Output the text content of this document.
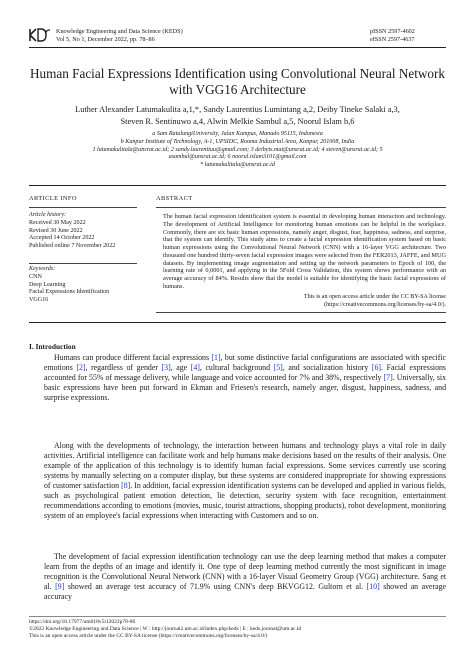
Knowledge Engineering and Data Science (KEDS)
Vol 5, No 1, December 2022, pp. 78–86
pISSN 2597-4602
eISSN 2597-4637
Human Facial Expressions Identification using Convolutional Neural Network with VGG16 Architecture
Luther Alexander Latumakulita a,1,*, Sandy Laurentius Lumintang a,2, Deiby Tineke Salaki a,3,
Steven R. Sentinuwo a,4, Alwin Melkie Sambul a,5, Noorul Islam b,6
a Sam RatulangiUniversity, Jalan Kampus, Manado 95115, Indonesia
b Kanpur Institute of Technology, A-1, UPSIDC, Rooma Industrial Area, Kanpur, 201008, India
1 latumakulitala@unsrat.ac.id; 2 sandy.laurentiuu@gmail.com; 3 deibyts.mat@unsrat.ac.id; 4 steven@unsrat.ac.id; 5
asambul@unsrat.ac.id; 6 noorul.islam3101@gmail.com
* latumakulitala@unsrat.ac.id
ARTICLE INFO
Article history:
Received 30 May 2022
Revised 30 June 2022
Accepted 14 October 2022
Published online 7 November 2022
Keywords:
CNN
Deep Learning
Facial Expressions Identification
VGG16
ABSTRACT
The human facial expression identification system is essential in developing human interaction and technology. The development of Artificial Intelligence for monitoring human emotions can be helpful in the workplace. Commonly, there are six basic human expressions, namely anger, disgust, fear, happiness, sadness, and surprise, that the system can identify. This study aims to create a facial expression identification system based on basic human expressions using the Convolutional Neural Network (CNN) with a 16-layer VGG architecture. Two thousand one hundred thirty-seven facial expression images were selected from the FER2013, JAFFE, and MUG datasets. By implementing image augmentation and setting up the network parameters to Epoch of 100, the learning rate of 0,0001, and applying in the 5Fold Cross Validation, this system shows performance with an average accuracy of 84%. Results show that the model is suitable for identifying the basic facial expressions of humans.
This is an open access article under the CC BY-SA license
(https://creativecommons.org/licenses/by-sa/4.0/).
I. Introduction
Humans can produce different facial expressions [1], but some distinctive facial configurations are associated with specific emotions [2], regardless of gender [3], age [4], cultural background [5], and socialization history [6]. Facial expressions accounted for 55% of message delivery, while language and voice accounted for 7% and 38%, respectively [7]. Universally, six basic expressions have been put forward in Ekman and Friesen's research, namely anger, disgust, happiness, sadness, and surprise expressions.
Along with the developments of technology, the interaction between humans and technology plays a vital role in daily activities. Artificial intelligence can facilitate work and help humans make decisions based on the results of their analysis. One example of the application of this technology is to identify human facial expressions. Some services currently use scoring systems by manually selecting on a computer display, but these systems are considered inappropriate for showing expressions of customer satisfaction [8]. In addition, facial expression identification systems can be developed and applied in various fields, such as psychological patient emotion detection, lie detection, security system with face recognition, entertainment recommendations according to emotions (movies, music, tourist attractions, shopping products), robot development, monitoring system of an employee's facial expressions when interacting with Customers and so on.
The development of facial expression identification technology can use the deep learning method that makes a computer learn from the depths of an image and identify it. One type of deep learning method currently the most significant in image recognition is the Convolutional Neural Network (CNN) with a 16-layer Visual Geometry Group (VGG) architecture. Sang et al. [9] showed an average test accuracy of 71.9% using CNN's deep BKVGG12. Gultorn et al. [10] showed an average accuracy
https://doi.org/10.17977/um018v5i12022p78-86
©2022 Knowledge Engineering and Data Science | W : http://journal2.um.ac.id/index.php/keds | E : keds.journal@um.ac.id
This is an open access article under the CC BY-SA license (https://creativecommons.org/licenses/by-sa/4.0/)
